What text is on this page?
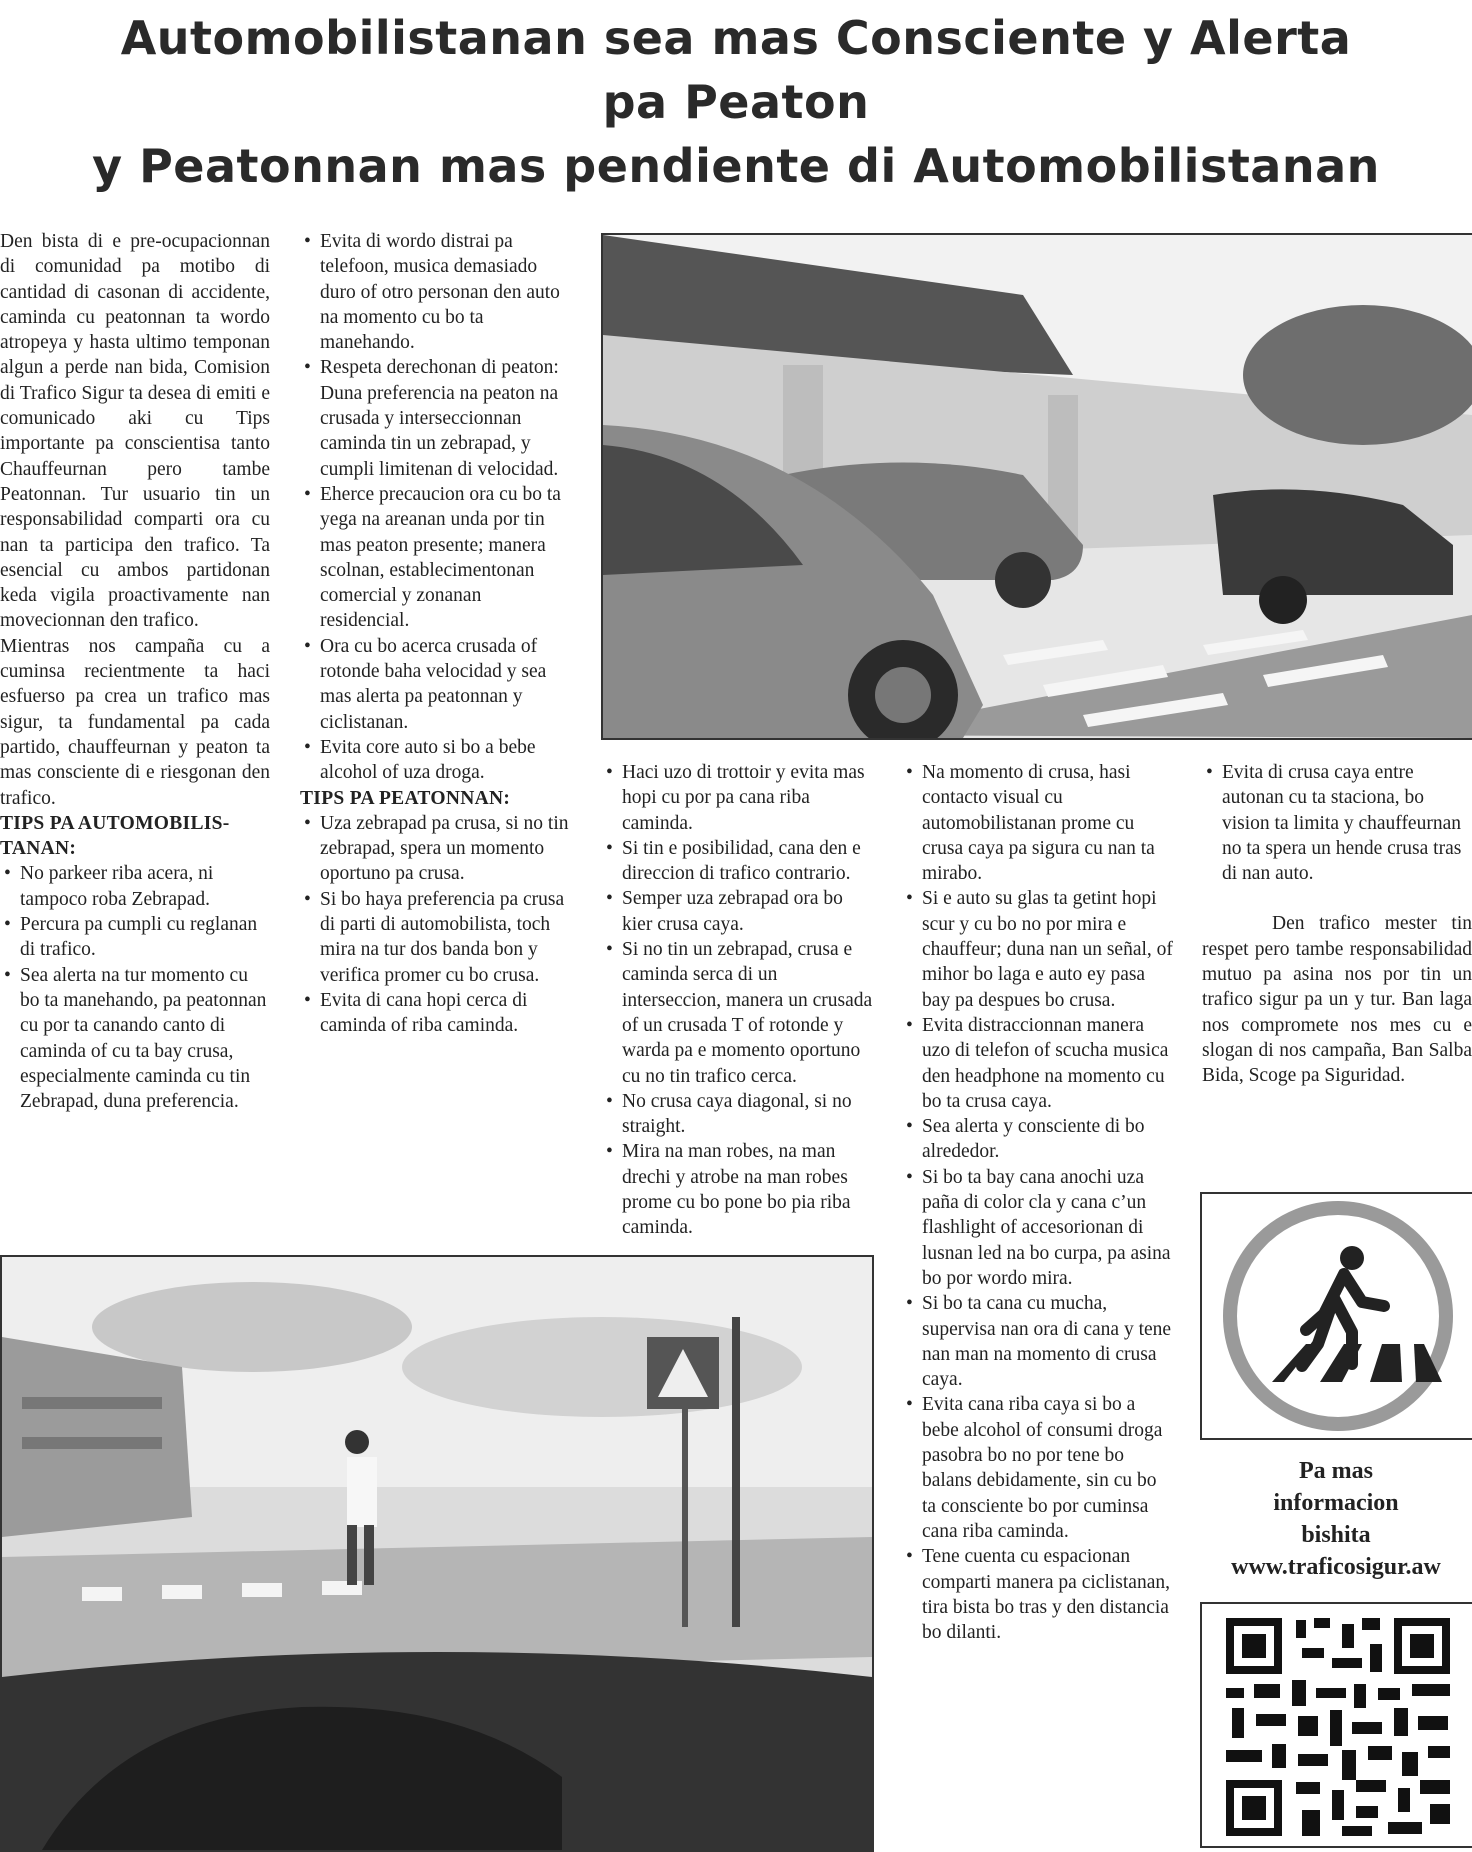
Automobilistanan sea mas Consciente y Alerta
pa Peaton
y Peatonnan mas pendiente di Automobilistanan

Den bista di e pre-ocupacionnan di comunidad pa motibo di cantidad di casonan di accidente, caminda cu peatonnan ta wordo atropeya y hasta ultimo temponan algun a perde nan bida, Comision di Trafico Sigur ta desea di emiti e comunicado aki cu Tips importante pa conscientisa tanto Chauffeurnan pero tambe Peatonnan. Tur usuario tin un responsabilidad comparti ora cu nan ta participa den trafico. Ta esencial cu ambos partidonan keda vigila proactivamente nan movecionnan den trafico.

Mientras nos campaña cu a cuminsa recientmente ta haci esfuerso pa crea un trafico mas sigur, ta fundamental pa cada partido, chauffeurnan y peaton ta mas consciente di e riesgonan den trafico.

TIPS PA AUTOMOBILIS-TANAN:

• No parkeer riba acera, ni tampoco roba Zebrapad.
• Percura pa cumpli cu reglanan di trafico.
• Sea alerta na tur momento cu bo ta manehando, pa peatonnan cu por ta canando canto di caminda of cu ta bay crusa, especialmente caminda cu tin Zebrapad, duna preferencia.
• Evita di wordo distrai pa telefoon, musica demasiado duro of otro personan den auto na momento cu bo ta manehando.
• Respeta derechonan di peaton: Duna preferencia na peaton na crusada y interseccionnan caminda tin un zebrapad, y cumpli limitenan di velocidad.
• Eherce precaucion ora cu bo ta yega na areanan unda por tin mas peaton presente; manera scolnan, establecimentonan comercial y zonanan residencial.
• Ora cu bo acerca crusada of rotonde baha velocidad y sea mas alerta pa peatonnan y ciclistanan.
• Evita core auto si bo a bebe alcohol of uza droga.

TIPS PA PEATONNAN:

• Uza zebrapad pa crusa, si no tin zebrapad, spera un momento oportuno pa crusa.
• Si bo haya preferencia pa crusa di parti di automobilista, toch mira na tur dos banda bon y verifica promer cu bo crusa.
• Evita di cana hopi cerca di caminda of riba caminda.
• Haci uzo di trottoir y evita mas hopi cu por pa cana riba caminda.
• Si tin e posibilidad, cana den e direccion di trafico contrario.
• Semper uza zebrapad ora bo kier crusa caya.
• Si no tin un zebrapad, crusa e caminda serca di un interseccion, manera un crusada of un crusada T of rotonde y warda pa e momento oportuno cu no tin trafico cerca.
• No crusa caya diagonal, si no straight.
• Mira na man robes, na man drechi y atrobe na man robes prome cu bo pone bo pia riba caminda.
• Na momento di crusa, hasi contacto visual cu automobilistanan prome cu crusa caya pa sigura cu nan ta mirabo.
• Si e auto su glas ta getint hopi scur y cu bo no por mira e chauffeur; duna nan un señal, of mihor bo laga e auto ey pasa bay pa despues bo crusa.
• Evita distraccionnan manera uzo di telefon of scucha musica den headphone na momento cu bo ta crusa caya.
• Sea alerta y consciente di bo alrededor.
• Si bo ta bay cana anochi uza paña di color cla y cana c’un flashlight of accesorionan di lusnan led na bo curpa, pa asina bo por wordo mira.
• Si bo ta cana cu mucha, supervisa nan ora di cana y tene nan man na momento di crusa caya.
• Evita cana riba caya si bo a bebe alcohol of consumi droga pasobra bo no por tene bo balans debidamente, sin cu bo ta consciente bo por cuminsa cana riba caminda.
• Tene cuenta cu espacionan comparti manera pa ciclistanan, tira bista bo tras y den distancia bo dilanti.
• Evita di crusa caya entre autonan cu ta staciona, bo vision ta limita y chauffeurnan no ta spera un hende crusa tras di nan auto.

Den trafico mester tin respet pero tambe responsabilidad mutuo pa asina nos por tin un trafico sigur pa un y tur. Ban laga nos compromete nos mes cu e slogan di nos campaña, Ban Salba Bida, Scoge pa Siguridad.

Pa mas
informacion
bishita
www.traficosigur.aw
